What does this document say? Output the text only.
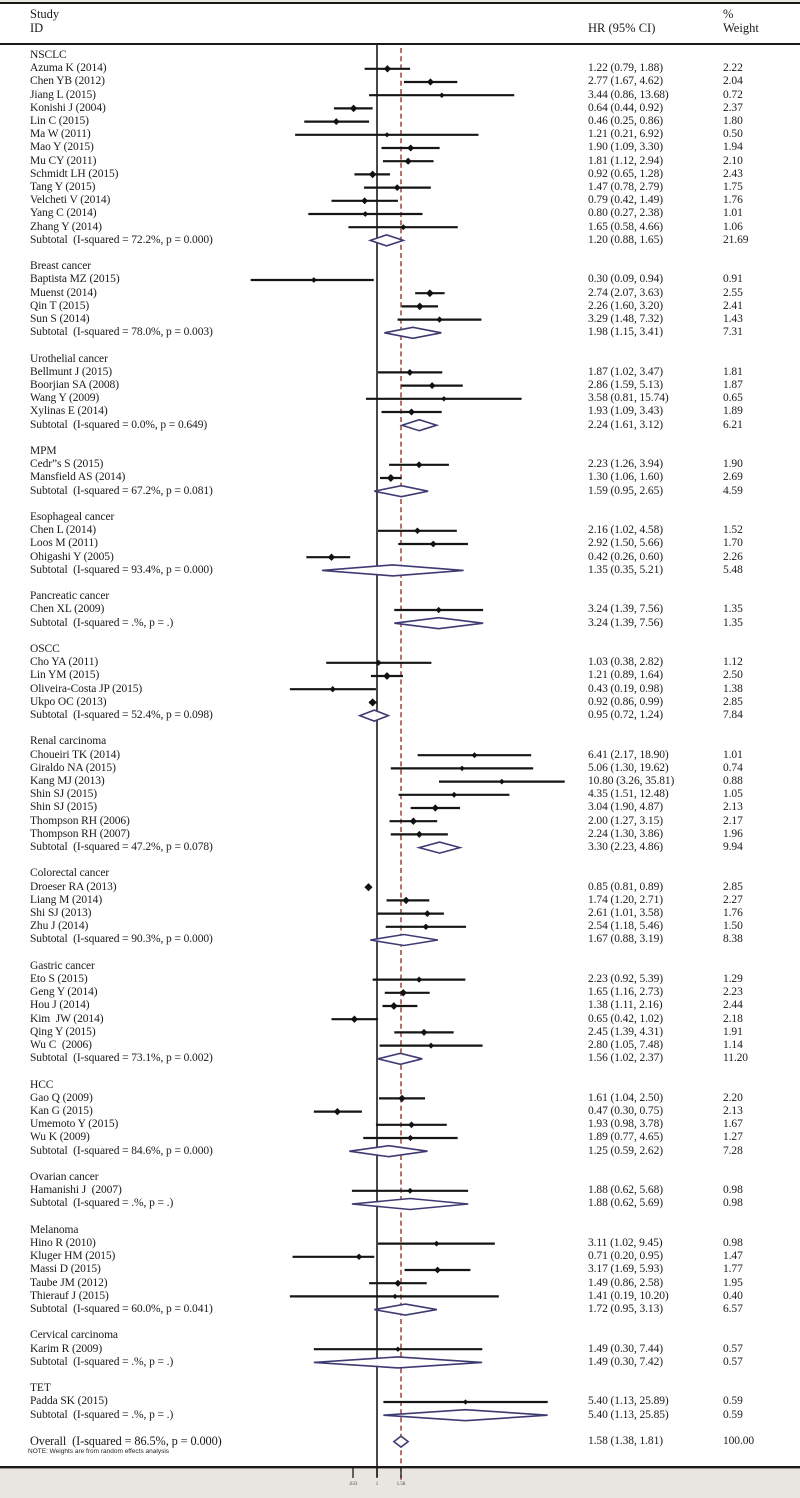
Study
ID	HR (95% CI)
%
Weight
NSCLC
Azuma K (2014)	1.22 (0.79, 1.88)	2.22
Chen YB (2012)	2.77 (1.67, 4.62)	2.04
Jiang L (2015)	3.44 (0.86, 13.68)	0.72
Konishi J (2004)	0.64 (0.44, 0.92)	2.37
Lin C (2015)	0.46 (0.25, 0.86)	1.80
Ma W (2011)	1.21 (0.21, 6.92)	0.50
Mao Y (2015)	1.90 (1.09, 3.30)	1.94
Mu CY (2011)	1.81 (1.12, 2.94)	2.10
Schmidt LH (2015)	0.92 (0.65, 1.28)	2.43
Tang Y (2015)	1.47 (0.78, 2.79)	1.75
Velcheti V (2014)	0.79 (0.42, 1.49)	1.76
Yang C (2014)	0.80 (0.27, 2.38)	1.01
Zhang Y (2014)	1.65 (0.58, 4.66)	1.06
Subtotal  (I-squared = 72.2%, p = 0.000)	1.20 (0.88, 1.65)	21.69
Breast cancer
Baptista MZ (2015)	0.30 (0.09, 0.94)	0.91
Muenst (2014)	2.74 (2.07, 3.63)	2.55
Qin T (2015)	2.26 (1.60, 3.20)	2.41
Sun S (2014)	3.29 (1.48, 7.32)	1.43
Subtotal  (I-squared = 78.0%, p = 0.003)	1.98 (1.15, 3.41)	7.31
Urothelial cancer
Bellmunt J (2015)	1.87 (1.02, 3.47)	1.81
Boorjian SA (2008)	2.86 (1.59, 5.13)	1.87
Wang Y (2009)	3.58 (0.81, 15.74)	0.65
Xylinas E (2014)	1.93 (1.09, 3.43)	1.89
Subtotal  (I-squared = 0.0%, p = 0.649)	2.24 (1.61, 3.12)	6.21
MPM
Cedr”s S (2015)	2.23 (1.26, 3.94)	1.90
Mansfield AS (2014)	1.30 (1.06, 1.60)	2.69
Subtotal  (I-squared = 67.2%, p = 0.081)	1.59 (0.95, 2.65)	4.59
Esophageal cancer
Chen L (2014)	2.16 (1.02, 4.58)	1.52
Loos M (2011)	2.92 (1.50, 5.66)	1.70
Ohigashi Y (2005)	0.42 (0.26, 0.60)	2.26
Subtotal  (I-squared = 93.4%, p = 0.000)	1.35 (0.35, 5.21)	5.48
Pancreatic cancer
Chen XL (2009)	3.24 (1.39, 7.56)	1.35
Subtotal  (I-squared = .%, p = .)	3.24 (1.39, 7.56)	1.35
OSCC
Cho YA (2011)	1.03 (0.38, 2.82)	1.12
Lin YM (2015)	1.21 (0.89, 1.64)	2.50
Oliveira-Costa JP (2015)	0.43 (0.19, 0.98)	1.38
Ukpo OC (2013)	0.92 (0.86, 0.99)	2.85
Subtotal  (I-squared = 52.4%, p = 0.098)	0.95 (0.72, 1.24)	7.84
Renal carcinoma
Choueiri TK (2014)	6.41 (2.17, 18.90)	1.01
Giraldo NA (2015)	5.06 (1.30, 19.62)	0.74
Kang MJ (2013)	10.80 (3.26, 35.81)	0.88
Shin SJ (2015)	4.35 (1.51, 12.48)	1.05
Shin SJ (2015)	3.04 (1.90, 4.87)	2.13
Thompson RH (2006)	2.00 (1.27, 3.15)	2.17
Thompson RH (2007)	2.24 (1.30, 3.86)	1.96
Subtotal  (I-squared = 47.2%, p = 0.078)	3.30 (2.23, 4.86)	9.94
Colorectal cancer
Droeser RA (2013)	0.85 (0.81, 0.89)	2.85
Liang M (2014)	1.74 (1.20, 2.71)	2.27
Shi SJ (2013)	2.61 (1.01, 3.58)	1.76
Zhu J (2014)	2.54 (1.18, 5.46)	1.50
Subtotal  (I-squared = 90.3%, p = 0.000)	1.67 (0.88, 3.19)	8.38
Gastric cancer
Eto S (2015)	2.23 (0.92, 5.39)	1.29
Geng Y (2014)	1.65 (1.16, 2.73)	2.23
Hou J (2014)	1.38 (1.11, 2.16)	2.44
Kim  JW (2014)	0.65 (0.42, 1.02)	2.18
Qing Y (2015)	2.45 (1.39, 4.31)	1.91
Wu C  (2006)	2.80 (1.05, 7.48)	1.14
Subtotal  (I-squared = 73.1%, p = 0.002)	1.56 (1.02, 2.37)	11.20
HCC
Gao Q (2009)	1.61 (1.04, 2.50)	2.20
Kan G (2015)	0.47 (0.30, 0.75)	2.13
Umemoto Y (2015)	1.93 (0.98, 3.78)	1.67
Wu K (2009)	1.89 (0.77, 4.65)	1.27
Subtotal  (I-squared = 84.6%, p = 0.000)	1.25 (0.59, 2.62)	7.28
Ovarian cancer
Hamanishi J  (2007)	1.88 (0.62, 5.68)	0.98
Subtotal  (I-squared = .%, p = .)	1.88 (0.62, 5.69)	0.98
Melanoma
Hino R (2010)	3.11 (1.02, 9.45)	0.98
Kluger HM (2015)	0.71 (0.20, 0.95)	1.47
Massi D (2015)	3.17 (1.69, 5.93)	1.77
Taube JM (2012)	1.49 (0.86, 2.58)	1.95
Thierauf J (2015)	1.41 (0.19, 10.20)	0.40
Subtotal  (I-squared = 60.0%, p = 0.041)	1.72 (0.95, 3.13)	6.57
Cervical carcinoma
Karim R (2009)	1.49 (0.30, 7.44)	0.57
Subtotal  (I-squared = .%, p = .)	1.49 (0.30, 7.42)	0.57
TET
Padda SK (2015)	5.40 (1.13, 25.89)	0.59
Subtotal  (I-squared = .%, p = .)	5.40 (1.13, 25.85)	0.59
Overall  (I-squared = 86.5%, p = 0.000)	1.58 (1.38, 1.81)	100.00
NOTE: Weights are from random effects analysis
.633	1	1.58
